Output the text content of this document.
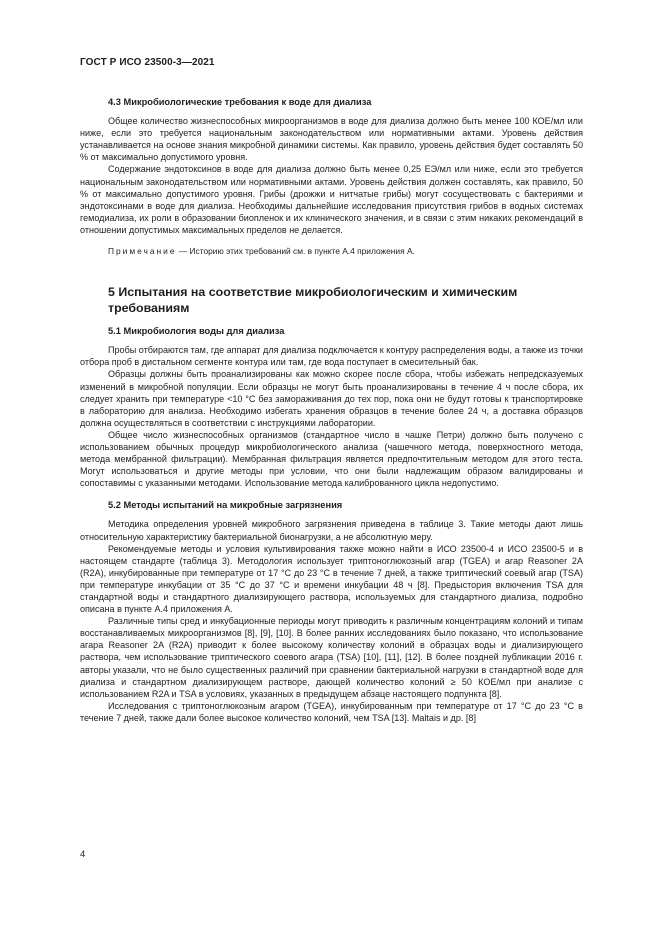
ГОСТ Р ИСО 23500-3—2021
4.3 Микробиологические требования к воде для диализа

Общее количество жизнеспособных микроорганизмов в воде для диализа должно быть менее 100 КОЕ/мл или ниже, если это требуется национальным законодательством или нормативными актами. Уровень действия устанавливается на основе знания микробной динамики системы. Как правило, уровень действия будет составлять 50 % от максимально допустимого уровня.

Содержание эндотоксинов в воде для диализа должно быть менее 0,25 ЕЭ/мл или ниже, если это требуется национальным законодательством или нормативными актами. Уровень действия должен составлять, как правило, 50 % от максимально допустимого уровня. Грибы (дрожжи и нитчатые грибы) могут сосуществовать с бактериями и эндотоксинами в воде для диализа. Необходимы дальнейшие исследования присутствия грибов в водных системах гемодиализа, их роли в образовании биопленок и их клинического значения, и в связи с этим никаких рекомендаций в отношении допустимых максимальных пределов не делается.

Примечание — Историю этих требований см. в пункте А.4 приложения А.

5 Испытания на соответствие микробиологическим и химическим требованиям
5.1 Микробиология воды для диализа

Пробы отбираются там, где аппарат для диализа подключается к контуру распределения воды, а также из точки отбора проб в дистальном сегменте контура или там, где вода поступает в смесительный бак.

Образцы должны быть проанализированы как можно скорее после сбора, чтобы избежать непредсказуемых изменений в микробной популяции. Если образцы не могут быть проанализированы в течение 4 ч после сбора, их следует хранить при температуре <10 °С без замораживания до тех пор, пока они не будут готовы к транспортировке в лабораторию для анализа. Необходимо избегать хранения образцов в течение более 24 ч, а доставка образцов должна осуществляться в соответствии с инструкциями лаборатории.

Общее число жизнеспособных организмов (стандартное число в чашке Петри) должно быть получено с использованием обычных процедур микробиологического анализа (чашечного метода, поверхностного метода, метода мембранной фильтрации). Мембранная фильтрация является предпочтительным методом для этого теста. Могут использоваться и другие методы при условии, что они были надлежащим образом валидированы и сопоставимы с указанными методами. Использование метода калиброванного цикла недопустимо.

5.2 Методы испытаний на микробные загрязнения

Методика определения уровней микробного загрязнения приведена в таблице 3. Такие методы дают лишь относительную характеристику бактериальной бионагрузки, а не абсолютную меру.

Рекомендуемые методы и условия культивирования также можно найти в ИСО 23500-4 и ИСО 23500-5 и в настоящем стандарте (таблица 3). Методология использует триптоноглюкозный агар (TGEA) и агар Reasoner 2A (R2A), инкубированные при температуре от 17 °С до 23 °С в течение 7 дней, а также триптический соевый агар (TSA) при температуре инкубации от 35 °С до 37 °С и времени инкубации 48 ч [8]. Предыстория включения TSA для стандартной воды и стандартного диализирующего раствора, используемых для стандартного диализа, подробно описана в пункте А.4 приложения А.

Различные типы сред и инкубационные периоды могут приводить к различным концентрациям колоний и типам восстанавливаемых микроорганизмов [8], [9], [10]. В более ранних исследованиях было показано, что использование агара Reasoner 2A (R2A) приводит к более высокому количеству колоний в образцах воды и диализирующего раствора, чем использование триптического соевого агара (TSA) [10], [11], [12]. В более поздней публикации 2016 г. авторы указали, что не было существенных различий при сравнении бактериальной нагрузки в стандартной воде для диализа и стандартном диализирующем растворе, дающей количество колоний ≥ 50 КОЕ/мл при анализе с использованием R2A и TSA в условиях, указанных в предыдущем абзаце настоящего подпункта [8].

Исследования с триптоноглюкозным агаром (TGEA), инкубированным при температуре от 17 °С до 23 °С в течение 7 дней, также дали более высокое количество колоний, чем TSA [13]. Maltais и др. [8]

4
